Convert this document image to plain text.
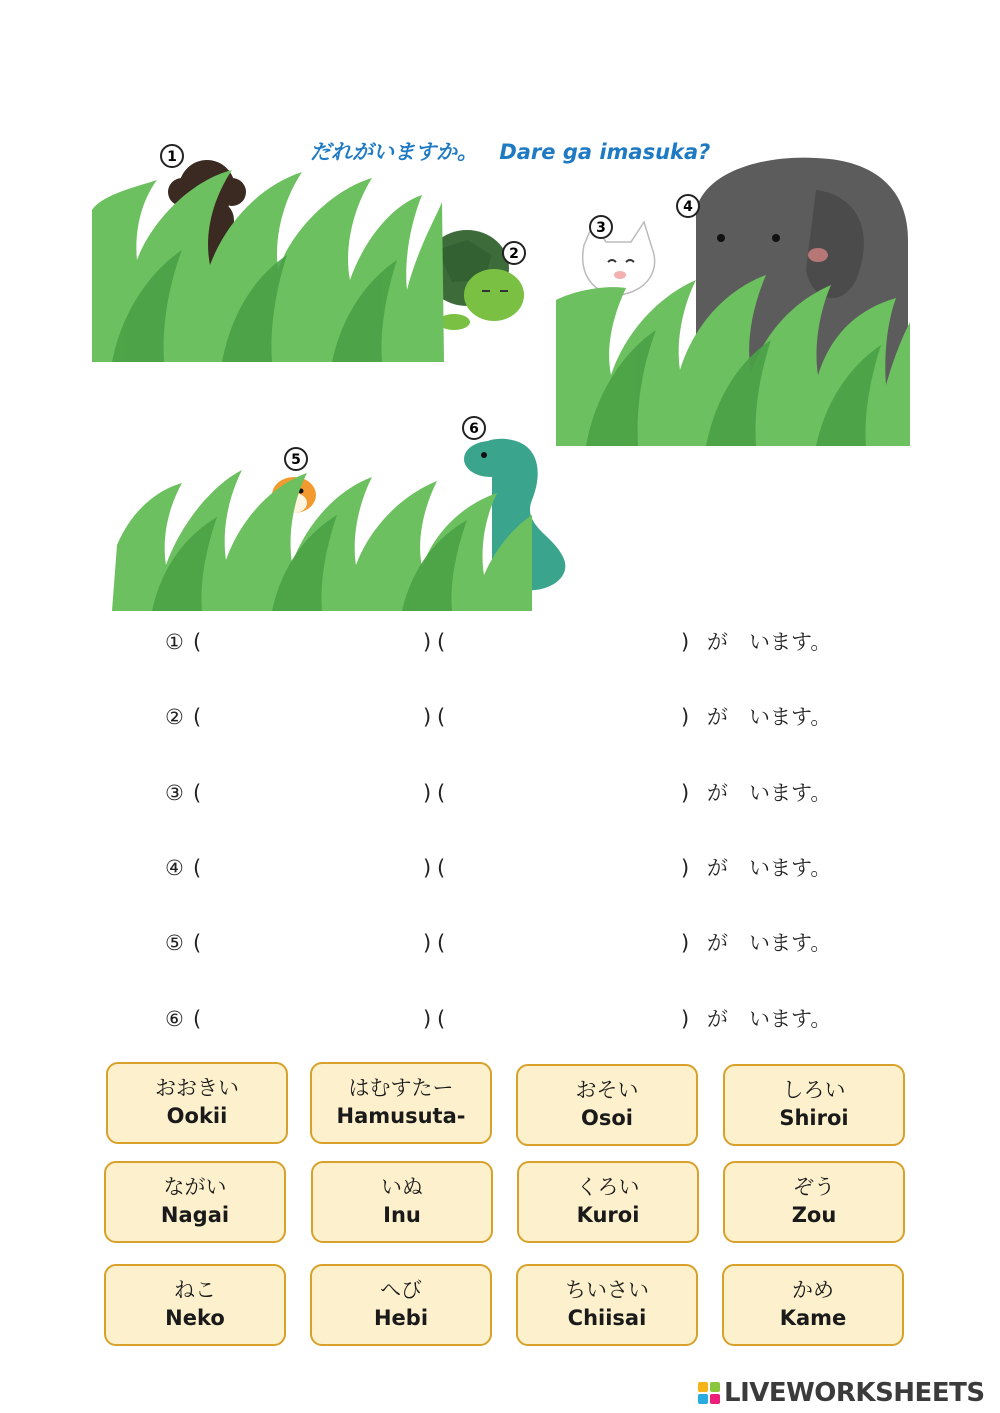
だれがいますか。 Dare ga imasuka?
1
2
3
4
5
6
① (	) (	) が います。
② (	) (	) が います。
③ (	) (	) が います。
④ (	) (	) が います。
⑤ (	) (	) が います。
⑥ (	) (	) が います。
おおきい
Ookii
はむすたー
Hamusuta-
おそい
Osoi
しろい
Shiroi
ながい
Nagai
いぬ
Inu
くろい
Kuroi
ぞう
Zou
ねこ
Neko
へび
Hebi
ちいさい
Chiisai
かめ
Kame
LIVEWORKSHEETS
